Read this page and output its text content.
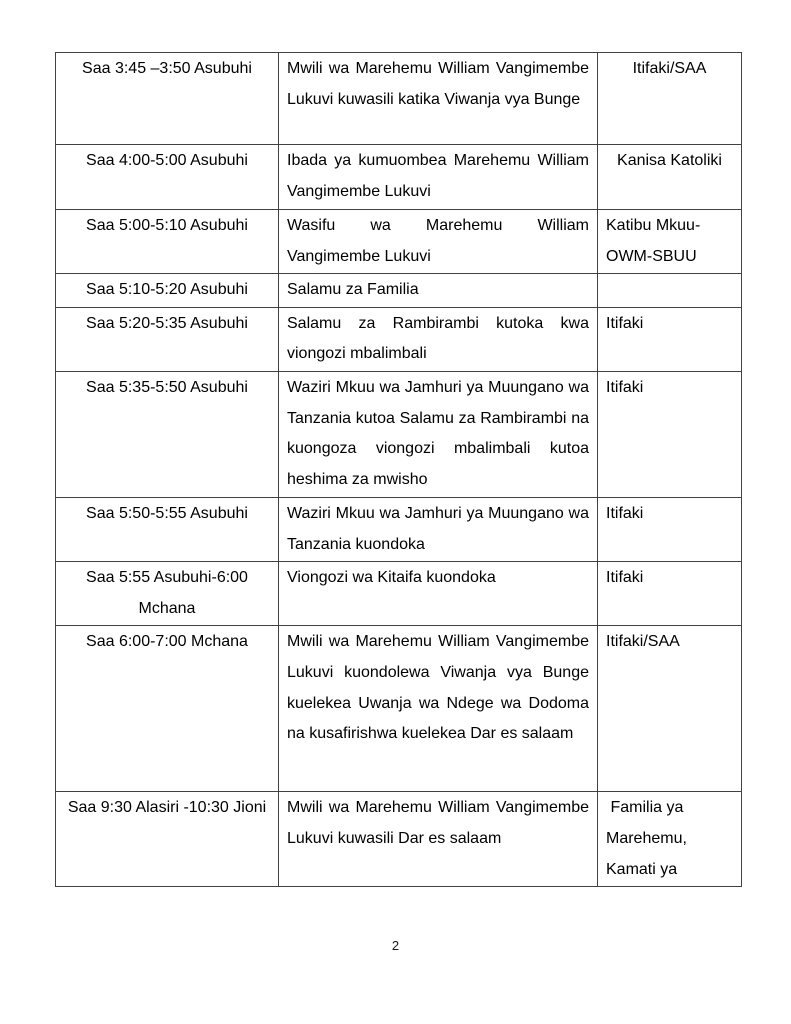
Saa 3:45 –3:50 Asubuhi	Mwili wa Marehemu William Vangimembe Lukuvi kuwasili katika Viwanja vya Bunge	Itifaki/SAA
Saa 4:00-5:00 Asubuhi	Ibada ya kumuombea Marehemu William Vangimembe Lukuvi	Kanisa Katoliki
Saa 5:00-5:10 Asubuhi	Wasifu wa Marehemu William Vangimembe Lukuvi	Katibu Mkuu-OWM-SBUU
Saa 5:10-5:20 Asubuhi	Salamu za Familia	
Saa 5:20-5:35 Asubuhi	Salamu za Rambirambi kutoka kwa viongozi mbalimbali	Itifaki
Saa 5:35-5:50 Asubuhi	Waziri Mkuu wa Jamhuri ya Muungano wa Tanzania kutoa Salamu za Rambirambi na kuongoza viongozi mbalimbali kutoa heshima za mwisho	Itifaki
Saa 5:50-5:55 Asubuhi	Waziri Mkuu wa Jamhuri ya Muungano wa Tanzania kuondoka	Itifaki
Saa 5:55 Asubuhi-6:00 Mchana	Viongozi wa Kitaifa kuondoka	Itifaki
Saa 6:00-7:00 Mchana	Mwili wa Marehemu William Vangimembe Lukuvi kuondolewa Viwanja vya Bunge kuelekea Uwanja wa Ndege wa Dodoma na kusafirishwa kuelekea Dar es salaam	Itifaki/SAA
Saa 9:30 Alasiri -10:30 Jioni	Mwili wa Marehemu William Vangimembe Lukuvi kuwasili Dar es salaam	Familia ya Marehemu, Kamati ya
2
